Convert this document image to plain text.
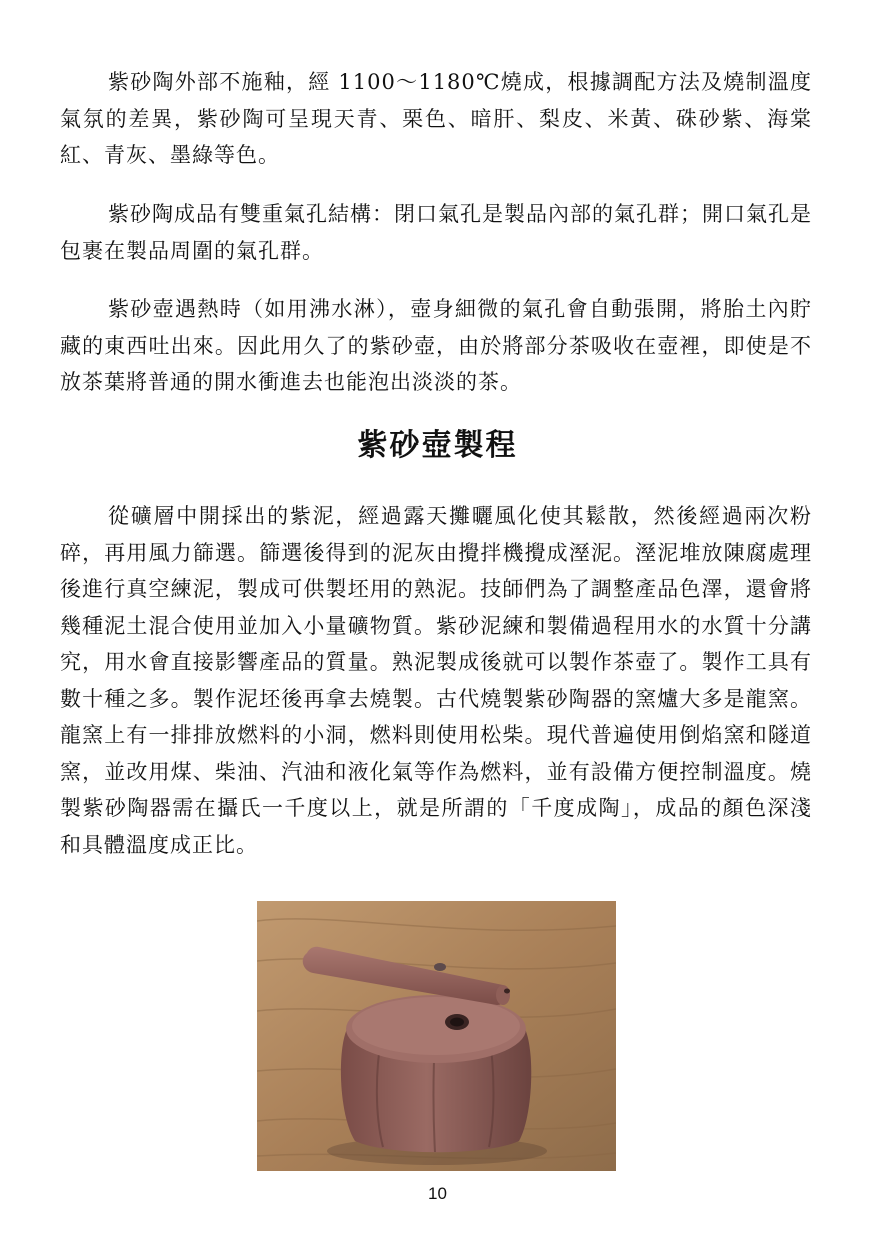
紫砂陶外部不施釉，經 1100～1180℃燒成，根據調配方法及燒制溫度氣氛的差異，紫砂陶可呈現天青、栗色、暗肝、梨皮、米黃、硃砂紫、海棠紅、青灰、墨綠等色。

紫砂陶成品有雙重氣孔結構：閉口氣孔是製品內部的氣孔群；開口氣孔是包裹在製品周圍的氣孔群。

紫砂壺遇熱時（如用沸水淋），壺身細微的氣孔會自動張開，將胎土內貯藏的東西吐出來。因此用久了的紫砂壺，由於將部分茶吸收在壺裡，即使是不放茶葉將普通的開水衝進去也能泡出淡淡的茶。

紫砂壺製程

從礦層中開採出的紫泥，經過露天攤曬風化使其鬆散，然後經過兩次粉碎，再用風力篩選。篩選後得到的泥灰由攪拌機攪成溼泥。溼泥堆放陳腐處理後進行真空練泥，製成可供製坯用的熟泥。技師們為了調整產品色澤，還會將幾種泥土混合使用並加入小量礦物質。紫砂泥練和製備過程用水的水質十分講究，用水會直接影響產品的質量。熟泥製成後就可以製作茶壺了。製作工具有數十種之多。製作泥坯後再拿去燒製。古代燒製紫砂陶器的窯爐大多是龍窯。龍窯上有一排排放燃料的小洞，燃料則使用松柴。現代普遍使用倒焰窯和隧道窯，並改用煤、柴油、汽油和液化氣等作為燃料，並有設備方便控制溫度。燒製紫砂陶器需在攝氏一千度以上，就是所謂的「千度成陶」，成品的顏色深淺和具體溫度成正比。

10
